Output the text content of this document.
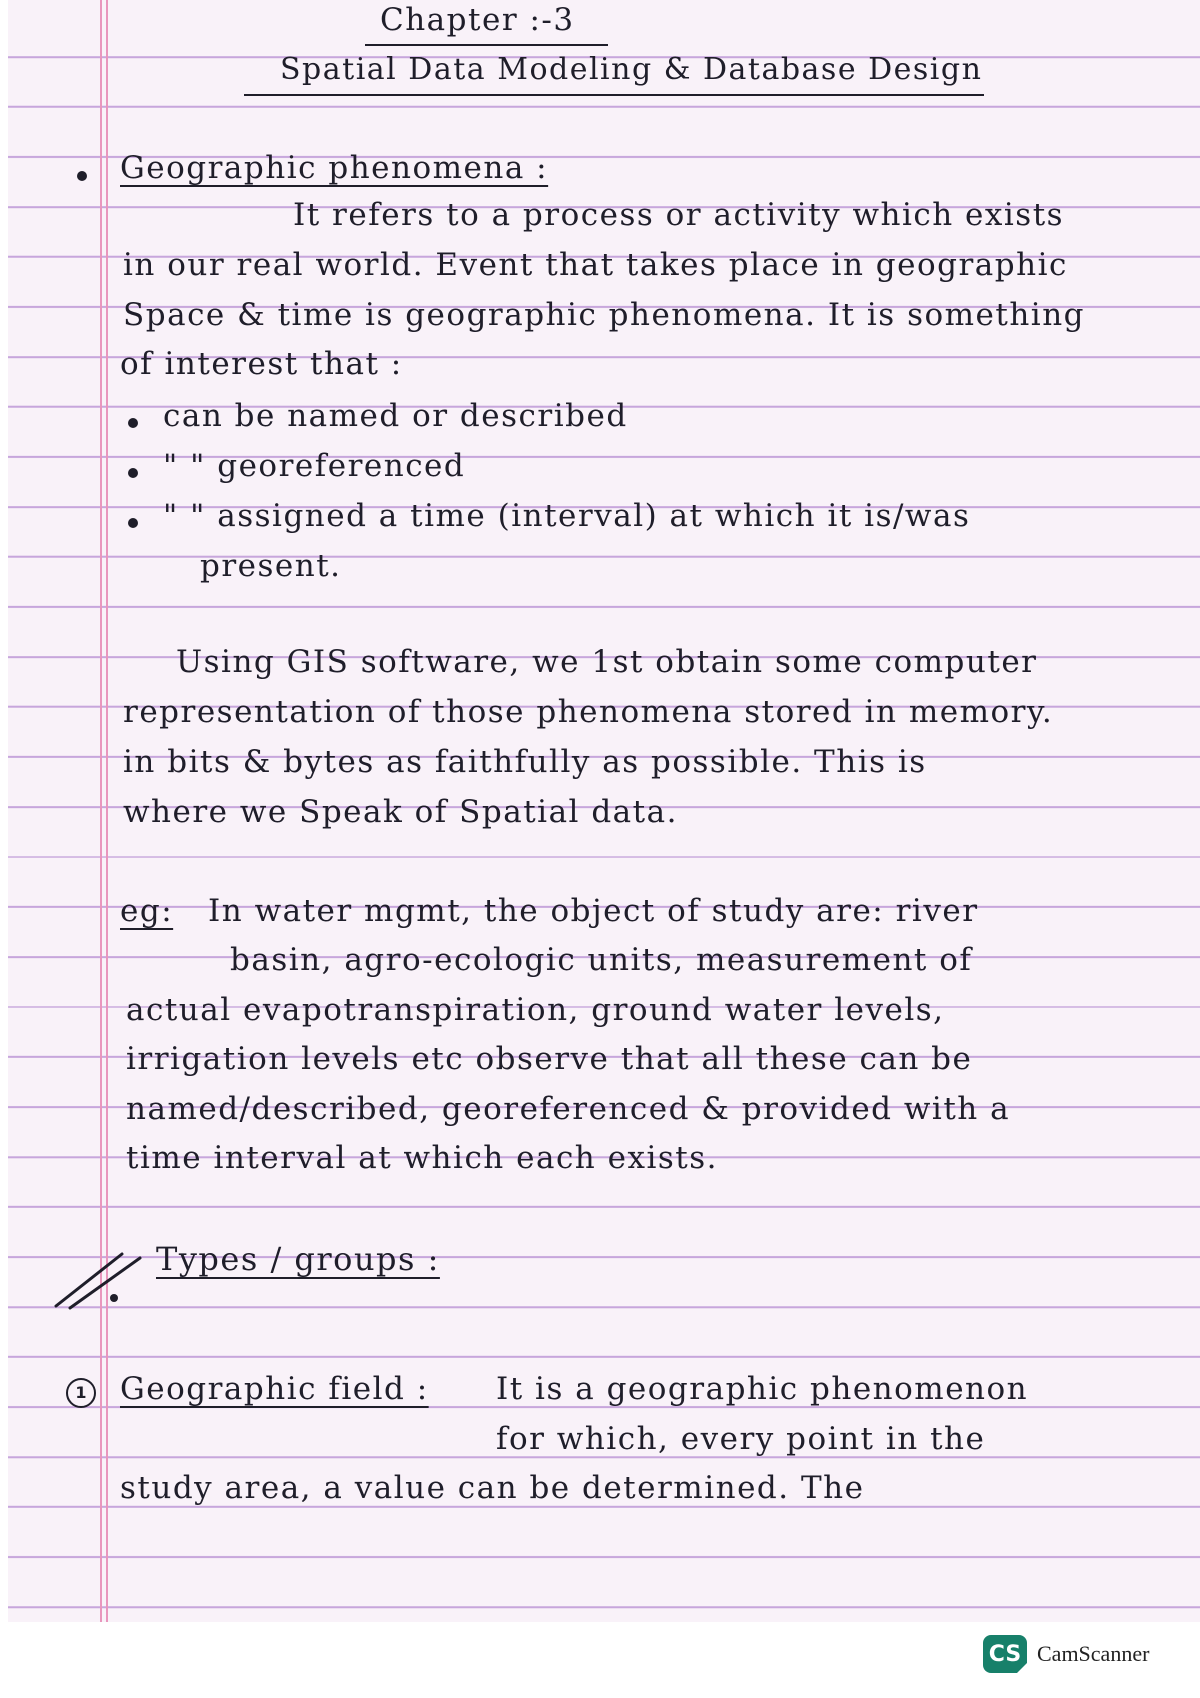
Chapter :-3
Spatial Data Modeling & Database Design
Geographic phenomena :
It refers to a process or activity which exists
in our real world. Event that takes place in geographic
Space & time is geographic phenomena. It is something
of interest that :
can be named or described
" " georeferenced
" " assigned a time (interval) at which it is/was
present.
Using GIS software, we 1st obtain some computer
representation of those phenomena stored in memory.
in bits & bytes as faithfully as possible. This is
where we Speak of Spatial data.
eg: In water mgmt, the object of study are: river
basin, agro-ecologic units, measurement of
actual evapotranspiration, ground water levels,
irrigation levels etc observe that all these can be
named/described, georeferenced & provided with a
time interval at which each exists.
Types / groups :
1	Geographic field : It is a geographic phenomenon
for which, every point in the
study area, a value can be determined. The
CS CamScanner
